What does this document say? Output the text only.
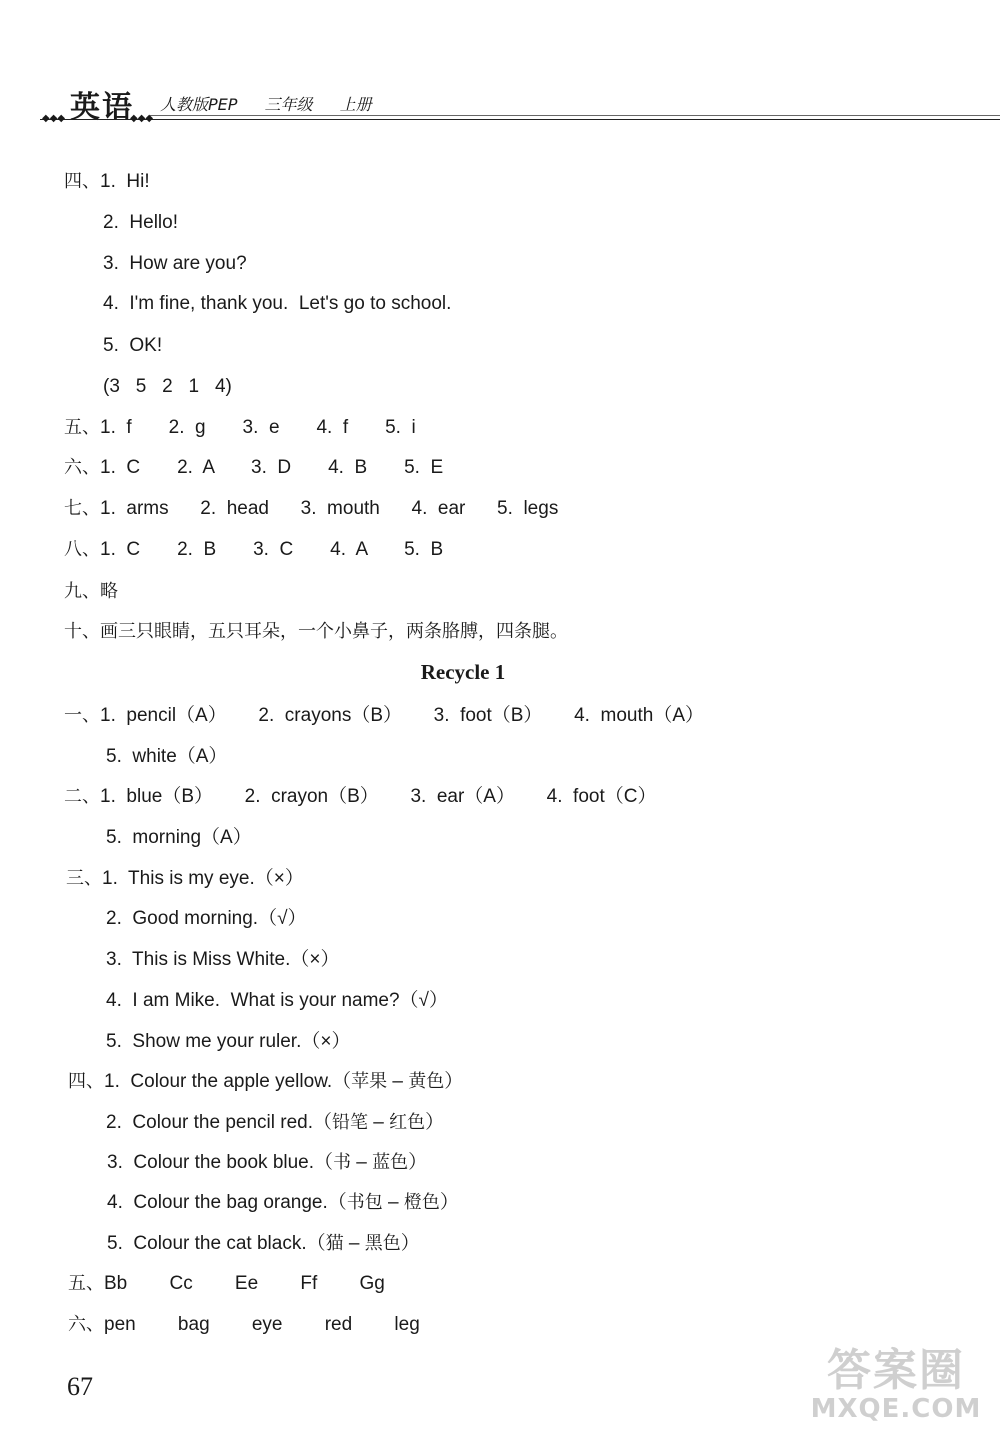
英语 人教版PEP 三年级 上册
◆◆◆	◆◆◆
四、1.  Hi!
2.  Hello!
3.  How are you?
4.  I'm fine, thank you.  Let's go to school.
5.  OK!
(3   5   2   1   4)
五、1.  f       2.  g       3.  e       4.  f       5.  i
六、1.  C       2.  A       3.  D       4.  B       5.  E
七、1.  arms      2.  head      3.  mouth      4.  ear      5.  legs
八、1.  C       2.  B       3.  C       4.  A       5.  B
九、略
十、画三只眼睛，五只耳朵，一个小鼻子，两条胳膊，四条腿。
一、1.  pencil（A）      2.  crayons（B）      3.  foot（B）      4.  mouth（A）
5.  white（A）
二、1.  blue（B）      2.  crayon（B）      3.  ear（A）      4.  foot（C）
5.  morning（A）
三、1.  This is my eye.（×）
2.  Good morning.（√）
3.  This is Miss White.（×）
4.  I am Mike.  What is your name?（√）
5.  Show me your ruler.（×）
四、1.  Colour the apple yellow.（苹果 – 黄色）
2.  Colour the pencil red.（铅笔 – 红色）
3.  Colour the book blue.（书 – 蓝色）
4.  Colour the bag orange.（书包 – 橙色）
5.  Colour the cat black.（猫 – 黑色）
五、Bb        Cc        Ee        Ff        Gg
六、pen        bag        eye        red        leg
Recycle 1
67	答案圈
MXQE.COM
